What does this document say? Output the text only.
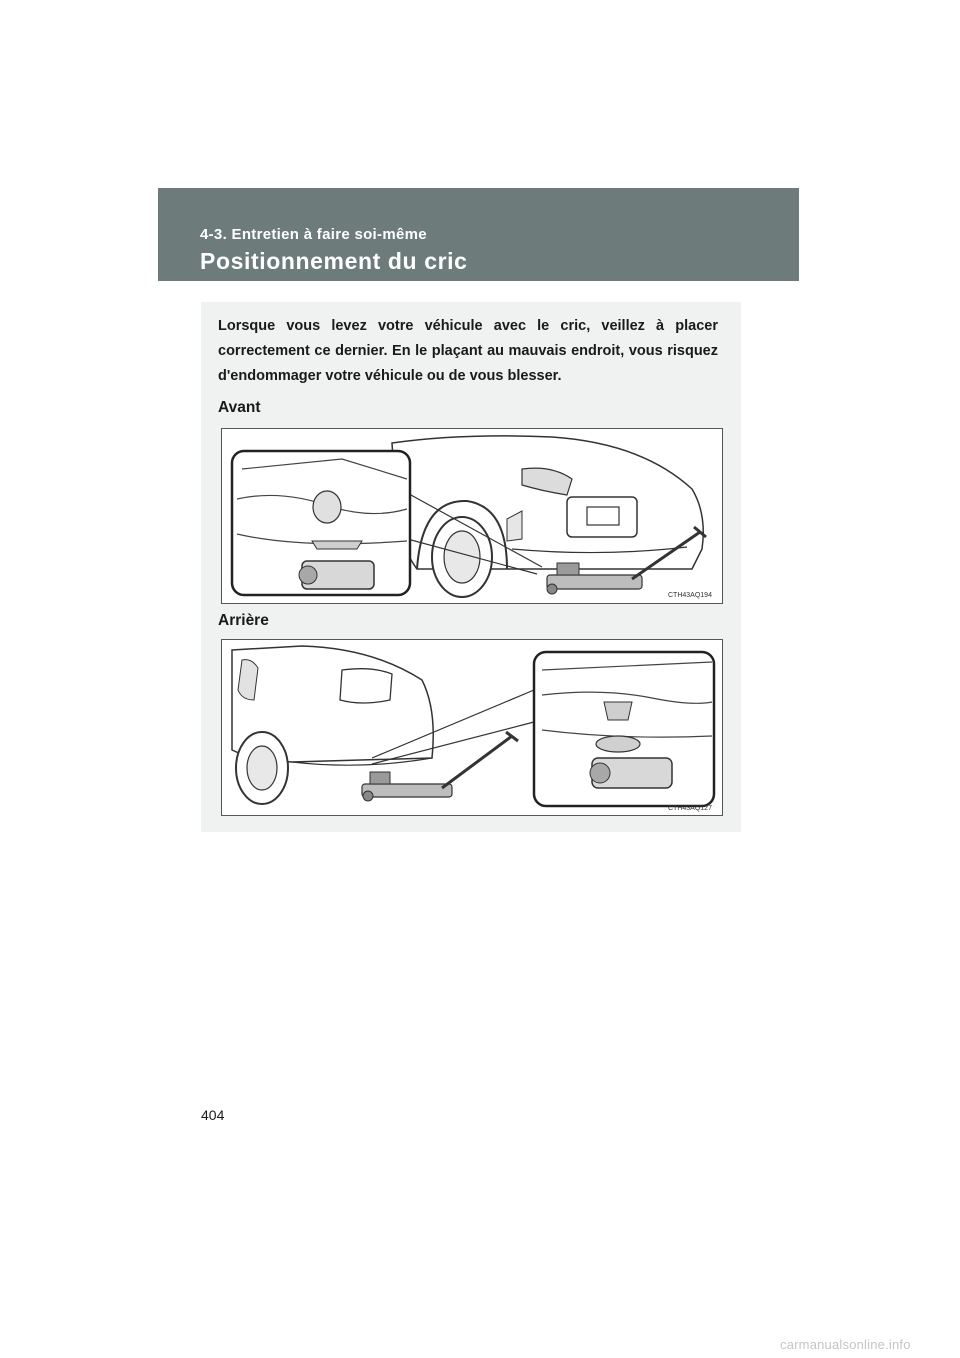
4-3. Entretien à faire soi-même
Positionnement du cric
Lorsque vous levez votre véhicule avec le cric, veillez à placer correctement ce dernier. En le plaçant au mauvais endroit, vous risquez d'endommager votre véhicule ou de vous blesser.
Avant
CTH43AQ194
Arrière
CTH43AQ127
404
carmanualsonline.info
